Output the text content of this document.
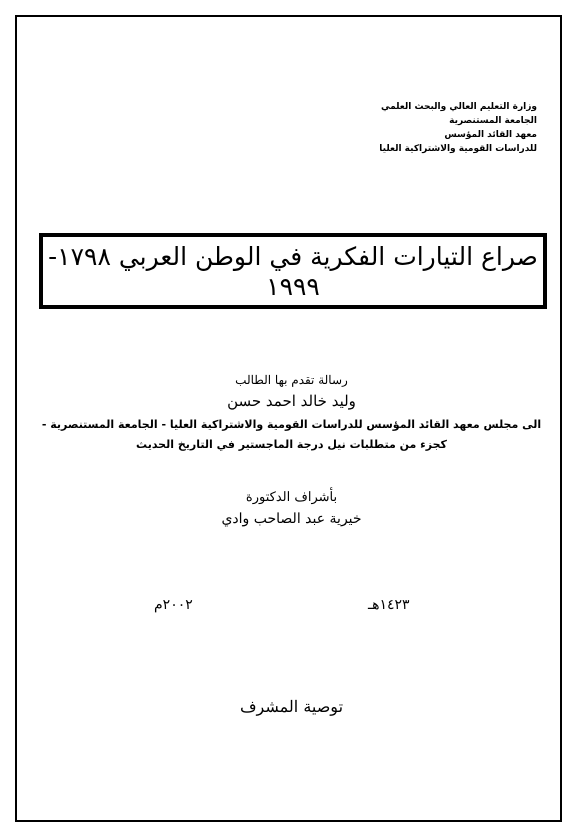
وزارة التعليم العالي والبحث العلمي
الجامعة المستنصرية
معهد القائد المؤسس
للدراسات القومية والاشتراكية العليا
صراع التيارات الفكرية في الوطن العربي ١٧٩٨-
١٩٩٩
رسالة تقدم بها الطالب
وليد خالد احمد حسن
الى مجلس معهد القائد المؤسس للدراسات القومية والاشتراكية العليا - الجامعة المستنصرية -
كجزء من متطلبات نيل درجة الماجستير في التاريخ الحديث
بأشراف الدكتورة
خيرية عبد الصاحب وادي
١٤٢٣هـ
٢٠٠٢م
توصية المشرف
